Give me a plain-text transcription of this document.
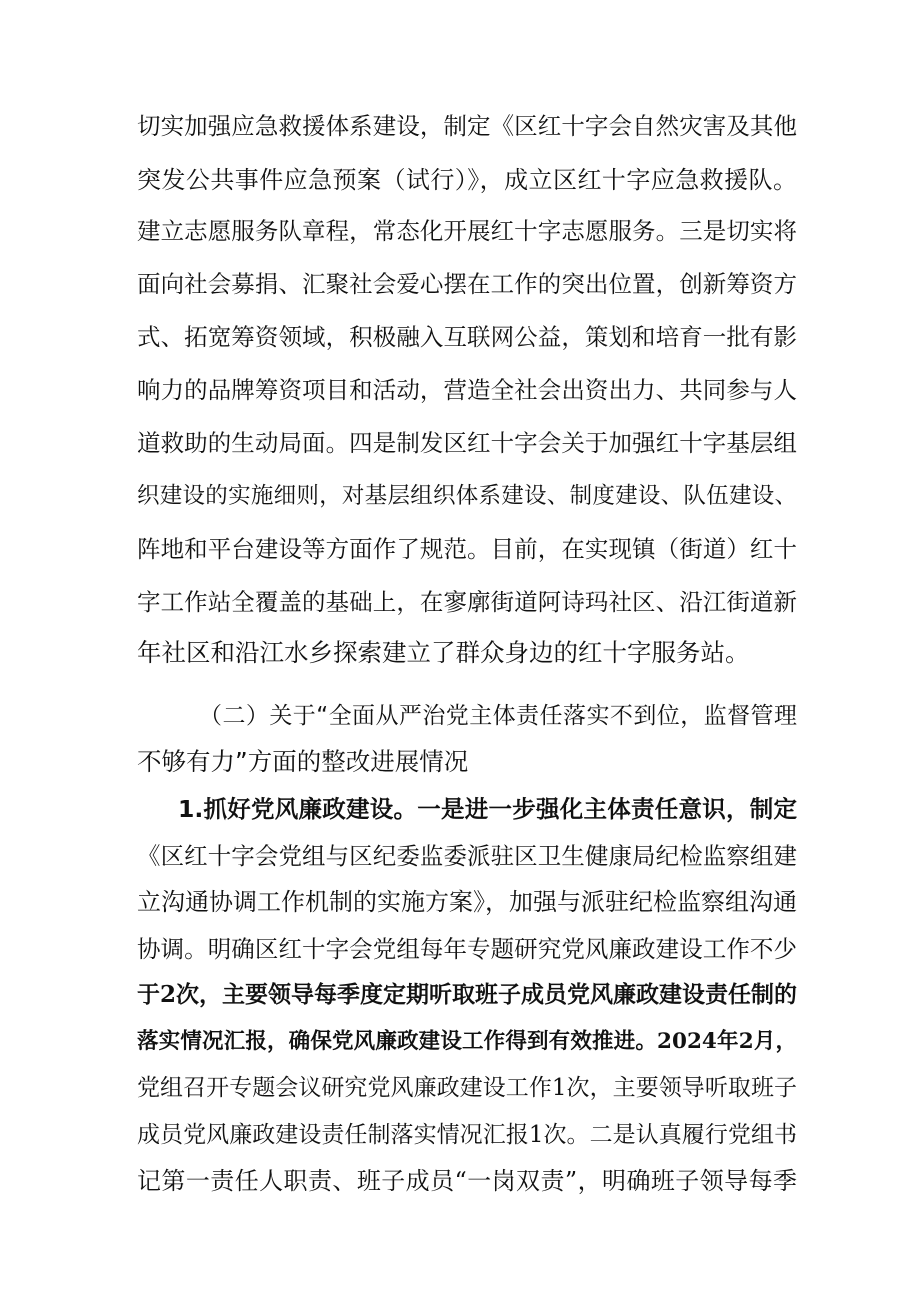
切实加强应急救援体系建设，制定《区红十字会自然灾害及其他
突发公共事件应急预案（试行）》，成立区红十字应急救援队。
建立志愿服务队章程，常态化开展红十字志愿服务。三是切实将
面向社会募捐、汇聚社会爱心摆在工作的突出位置，创新筹资方
式、拓宽筹资领域，积极融入互联网公益，策划和培育一批有影
响力的品牌筹资项目和活动，营造全社会出资出力、共同参与人
道救助的生动局面。四是制发区红十字会关于加强红十字基层组
织建设的实施细则，对基层组织体系建设、制度建设、队伍建设、
阵地和平台建设等方面作了规范。目前，在实现镇（街道）红十
字工作站全覆盖的基础上，在寥廓街道阿诗玛社区、沿江街道新
年社区和沿江水乡探索建立了群众身边的红十字服务站。
（二）关于“全面从严治党主体责任落实不到位，监督管理
不够有力”方面的整改进展情况
1.抓好党风廉政建设。一是进一步强化主体责任意识，制定
《区红十字会党组与区纪委监委派驻区卫生健康局纪检监察组建
立沟通协调工作机制的实施方案》，加强与派驻纪检监察组沟通
协调。明确区红十字会党组每年专题研究党风廉政建设工作不少
于2次，主要领导每季度定期听取班子成员党风廉政建设责任制的
落实情况汇报，确保党风廉政建设工作得到有效推进。2024年2月，
党组召开专题会议研究党风廉政建设工作1次，主要领导听取班子
成员党风廉政建设责任制落实情况汇报1次。二是认真履行党组书
记第一责任人职责、班子成员“一岗双责”，明确班子领导每季
